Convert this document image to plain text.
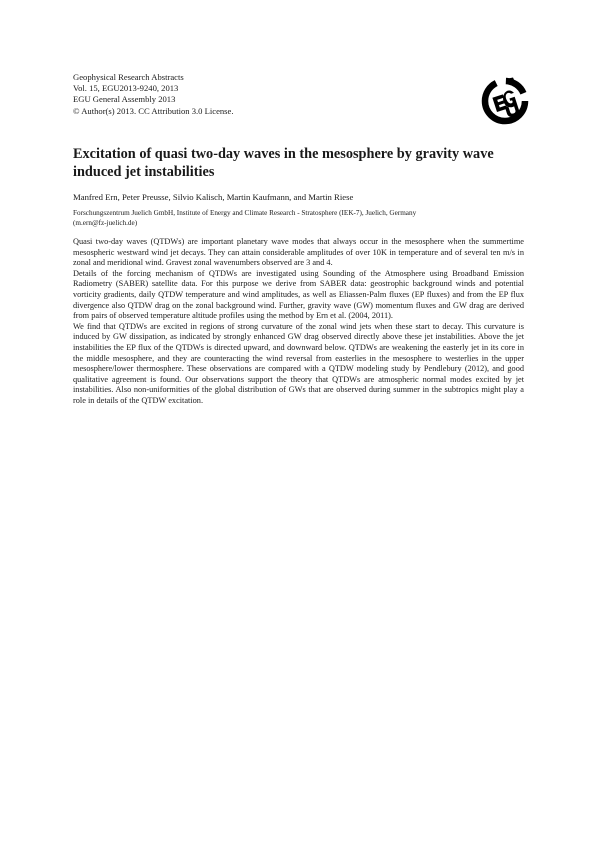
Geophysical Research Abstracts
Vol. 15, EGU2013-9240, 2013
EGU General Assembly 2013
© Author(s) 2013. CC Attribution 3.0 License.
Excitation of quasi two-day waves in the mesosphere by gravity wave induced jet instabilities
Manfred Ern, Peter Preusse, Silvio Kalisch, Martin Kaufmann, and Martin Riese
Forschungszentrum Juelich GmbH, Institute of Energy and Climate Research - Stratosphere (IEK-7), Juelich, Germany
(m.ern@fz-juelich.de)

Quasi two-day waves (QTDWs) are important planetary wave modes that always occur in the mesosphere when the summertime mesospheric westward wind jet decays. They can attain considerable amplitudes of over 10K in temperature and of several ten m/s in zonal and meridional wind. Gravest zonal wavenumbers observed are 3 and 4.

Details of the forcing mechanism of QTDWs are investigated using Sounding of the Atmosphere using Broadband Emission Radiometry (SABER) satellite data. For this purpose we derive from SABER data: geostrophic background winds and potential vorticity gradients, daily QTDW temperature and wind amplitudes, as well as Eliassen-Palm fluxes (EP fluxes) and from the EP flux divergence also QTDW drag on the zonal background wind. Further, gravity wave (GW) momentum fluxes and GW drag are derived from pairs of observed temperature altitude profiles using the method by Ern et al. (2004, 2011).

We find that QTDWs are excited in regions of strong curvature of the zonal wind jets when these start to decay. This curvature is induced by GW dissipation, as indicated by strongly enhanced GW drag observed directly above these jet instabilities. Above the jet instabilities the EP flux of the QTDWs is directed upward, and downward below. QTDWs are weakening the easterly jet in its core in the middle mesosphere, and they are counteracting the wind reversal from easterlies in the mesosphere to westerlies in the upper mesosphere/lower thermosphere. These observations are compared with a QTDW modeling study by Pendlebury (2012), and good qualitative agreement is found. Our observations support the theory that QTDWs are atmospheric normal modes excited by jet instabilities. Also non-uniformities of the global distribution of GWs that are observed during summer in the subtropics might play a role in details of the QTDW excitation.
